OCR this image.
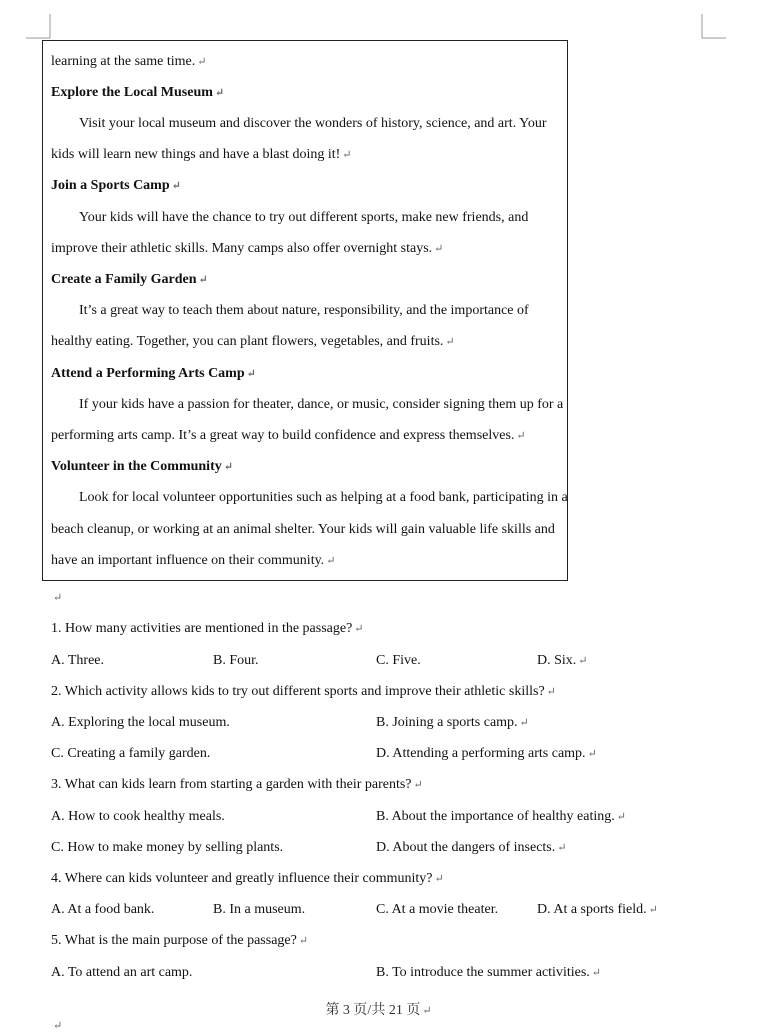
learning at the same time. ↵
Explore the Local Museum ↵
Visit your local museum and discover the wonders of history, science, and art. Your
kids will learn new things and have a blast doing it! ↵
Join a Sports Camp ↵
Your kids will have the chance to try out different sports, make new friends, and
improve their athletic skills. Many camps also offer overnight stays. ↵
Create a Family Garden ↵
It’s a great way to teach them about nature, responsibility, and the importance of
healthy eating. Together, you can plant flowers, vegetables, and fruits. ↵
Attend a Performing Arts Camp ↵
If your kids have a passion for theater, dance, or music, consider signing them up for a
performing arts camp. It’s a great way to build confidence and express themselves. ↵
Volunteer in the Community ↵
Look for local volunteer opportunities such as helping at a food bank, participating in a
beach cleanup, or working at an animal shelter. Your kids will gain valuable life skills and
have an important influence on their community. ↵
↵
1. How many activities are mentioned in the passage? ↵
A. Three.	B. Four.	C. Five.	D. Six. ↵
2. Which activity allows kids to try out different sports and improve their athletic skills? ↵
A. Exploring the local museum.	B. Joining a sports camp. ↵
C. Creating a family garden.	D. Attending a performing arts camp. ↵
3. What can kids learn from starting a garden with their parents? ↵
A. How to cook healthy meals.	B. About the importance of healthy eating. ↵
C. How to make money by selling plants.	D. About the dangers of insects. ↵
4. Where can kids volunteer and greatly influence their community? ↵
A. At a food bank.	B. In a museum.	C. At a movie theater.	D. At a sports field. ↵
5. What is the main purpose of the passage? ↵
A. To attend an art camp.	B. To introduce the summer activities. ↵
第 3 页/共 21 页 ↵
↵
